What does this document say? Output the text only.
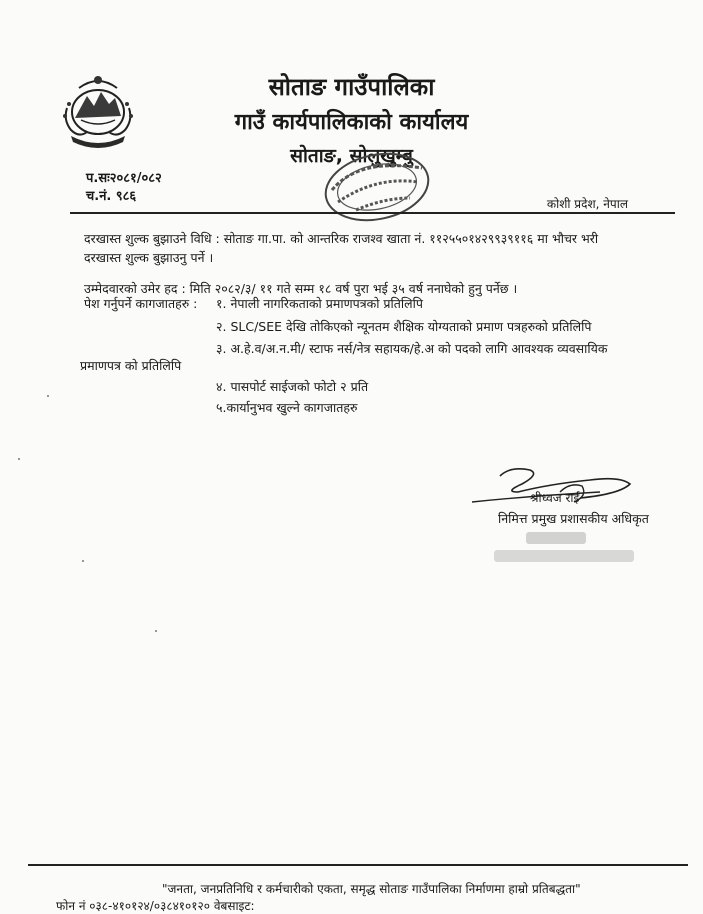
सोताङ गाउँपालिका
गाउँ कार्यपालिकाको कार्यालय
सोताङ, सोलुखुम्बु
प.सः२०८१/०८२
च.नं. ९८६	कोशी प्रदेश, नेपाल
दरखास्त शुल्क बुझाउने विधि : सोताङ गा.पा. को आन्तरिक राजश्व खाता नं. ११२५५०१४२९९३९११६ मा भौचर भरी
दरखास्त शुल्क बुझाउनु पर्ने ।
उम्मेदवारको उमेर हद : मिति २०८२/३/ ११ गते सम्म १८ वर्ष पुरा भई ३५ वर्ष ननाघेको हुनु पर्नेछ ।
पेश गर्नुपर्ने कागजातहरु : १. नेपाली नागरिकताको प्रमाणपत्रको प्रतिलिपि
२. SLC/SEE देखि तोकिएको न्यूनतम शैक्षिक योग्यताको प्रमाण पत्रहरुको प्रतिलिपि
३. अ.हे.व/अ.न.मी/ स्टाफ नर्स/नेत्र सहायक/हे.अ को पदको लागि आवश्यक व्यवसायिक
प्रमाणपत्र को प्रतिलिपि
४. पासपोर्ट साईजको फोटो २ प्रति
५.कार्यानुभव खुल्ने कागजातहरु
श्रीध्वज राई
निमित्त प्रमुख प्रशासकीय अधिकृत
"जनता, जनप्रतिनिधि र कर्मचारीको एकता, समृद्ध सोताङ गाउँपालिका निर्माणमा हाम्रो प्रतिबद्धता"
फोन नं ०३८-४१०१२४/०३८४१०१२० वेबसाइट:
